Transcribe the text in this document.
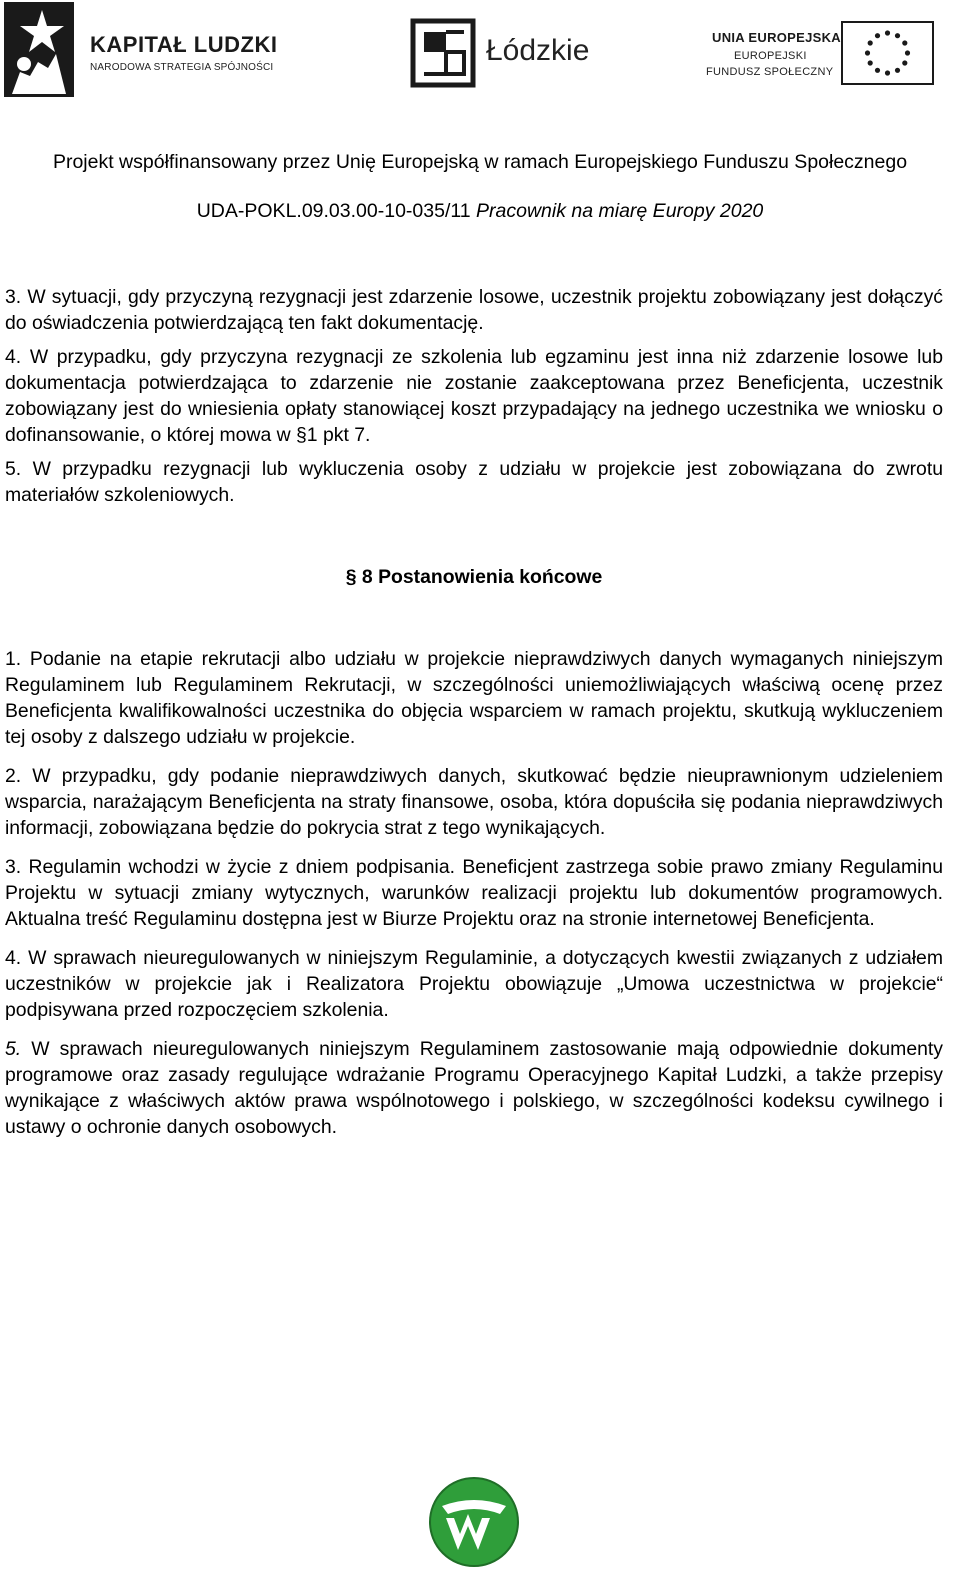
KAPITAŁ LUDZKI
NARODOWA STRATEGIA SPÓJNOŚCI
Łódzkie	UNIA EUROPEJSKA
EUROPEJSKI
FUNDUSZ SPOŁECZNY
Projekt współfinansowany przez Unię Europejską w ramach Europejskiego Funduszu Społecznego
UDA-POKL.09.03.00-10-035/11 Pracownik na miarę Europy 2020

3. W sytuacji, gdy przyczyną rezygnacji jest zdarzenie losowe, uczestnik projektu zobowiązany jest dołączyć do oświadczenia potwierdzającą ten fakt dokumentację.

4. W przypadku, gdy przyczyna rezygnacji ze szkolenia lub egzaminu jest inna niż zdarzenie losowe lub dokumentacja potwierdzająca to zdarzenie nie zostanie zaakceptowana przez Beneficjenta, uczestnik zobowiązany jest do wniesienia opłaty stanowiącej koszt przypadający na jednego uczestnika we wniosku o dofinansowanie, o której mowa w §1 pkt 7.

5. W przypadku rezygnacji lub wykluczenia osoby z udziału w projekcie jest zobowiązana do zwrotu materiałów szkoleniowych.

§ 8 Postanowienia końcowe

1. Podanie na etapie rekrutacji albo udziału w projekcie nieprawdziwych danych wymaganych niniejszym Regulaminem lub Regulaminem Rekrutacji, w szczególności uniemożliwiających właściwą ocenę przez Beneficjenta kwalifikowalności uczestnika do objęcia wsparciem w ramach projektu, skutkują wykluczeniem tej osoby z dalszego udziału w projekcie.

2. W przypadku, gdy podanie nieprawdziwych danych, skutkować będzie nieuprawnionym udzieleniem wsparcia, narażającym Beneficjenta na straty finansowe, osoba, która dopuściła się podania nieprawdziwych informacji, zobowiązana będzie do pokrycia strat z tego wynikających.

3. Regulamin wchodzi w życie z dniem podpisania. Beneficjent zastrzega sobie prawo zmiany Regulaminu Projektu w sytuacji zmiany wytycznych, warunków realizacji projektu lub dokumentów programowych. Aktualna treść Regulaminu dostępna jest w Biurze Projektu oraz na stronie internetowej Beneficjenta.

4. W sprawach nieuregulowanych w niniejszym Regulaminie, a dotyczących kwestii związanych z udziałem uczestników w projekcie jak i Realizatora Projektu obowiązuje „Umowa uczestnictwa w projekcie“ podpisywana przed rozpoczęciem szkolenia.

5. W sprawach nieuregulowanych niniejszym Regulaminem zastosowanie mają odpowiednie dokumenty programowe oraz zasady regulujące wdrażanie Programu Operacyjnego Kapitał Ludzki, a także przepisy wynikające z właściwych aktów prawa wspólnotowego i polskiego, w szczególności kodeksu cywilnego i ustawy o ochronie danych osobowych.
